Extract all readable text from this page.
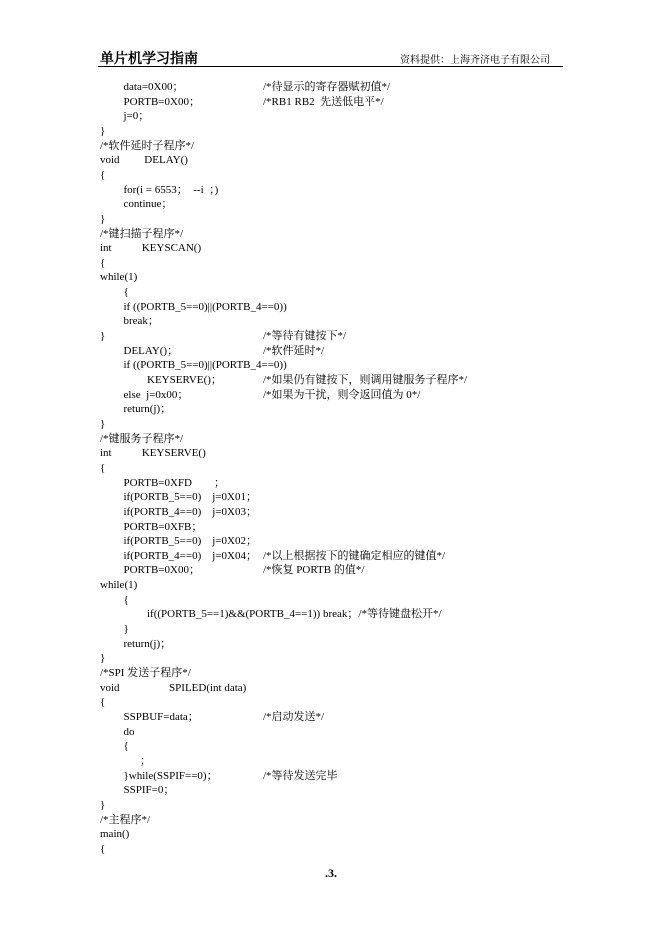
单片机学习指南	资料提供：上海齐济电子有限公司
data=0X00；	/*待显示的寄存器赋初值*/
PORTB=0X00；	/*RB1 RB2  先送低电平*/
j=0；
}
/*软件延时子程序*/
void         DELAY()
{
for(i = 6553；  --i  ；)
continue；
}
/*键扫描子程序*/
int           KEYSCAN()
{
while(1)
{
if ((PORTB_5==0)||(PORTB_4==0))
break；
}	/*等待有键按下*/
DELAY()；	/*软件延时*/
if ((PORTB_5==0)||(PORTB_4==0))
KEYSERVE()；	/*如果仍有键按下，则调用键服务子程序*/
else  j=0x00；	/*如果为干扰，则令返回值为 0*/
return(j)；
}
/*键服务子程序*/
int           KEYSERVE()
{
PORTB=0XFD        ；
if(PORTB_5==0)    j=0X01；
if(PORTB_4==0)    j=0X03；
PORTB=0XFB；
if(PORTB_5==0)    j=0X02；
if(PORTB_4==0)    j=0X04； /*以上根据按下的键确定相应的键值*/
PORTB=0X00；	/*恢复 PORTB 的值*/
while(1)
{
if((PORTB_5==1)&&(PORTB_4==1)) break；/*等待键盘松开*/
}
return(j)；
}
/*SPI 发送子程序*/
void                  SPILED(int data)
{
SSPBUF=data；	/*启动发送*/
do
{
；
}while(SSPIF==0)；	/*等待发送完毕
SSPIF=0；
}
/*主程序*/
main()
{
.3.
